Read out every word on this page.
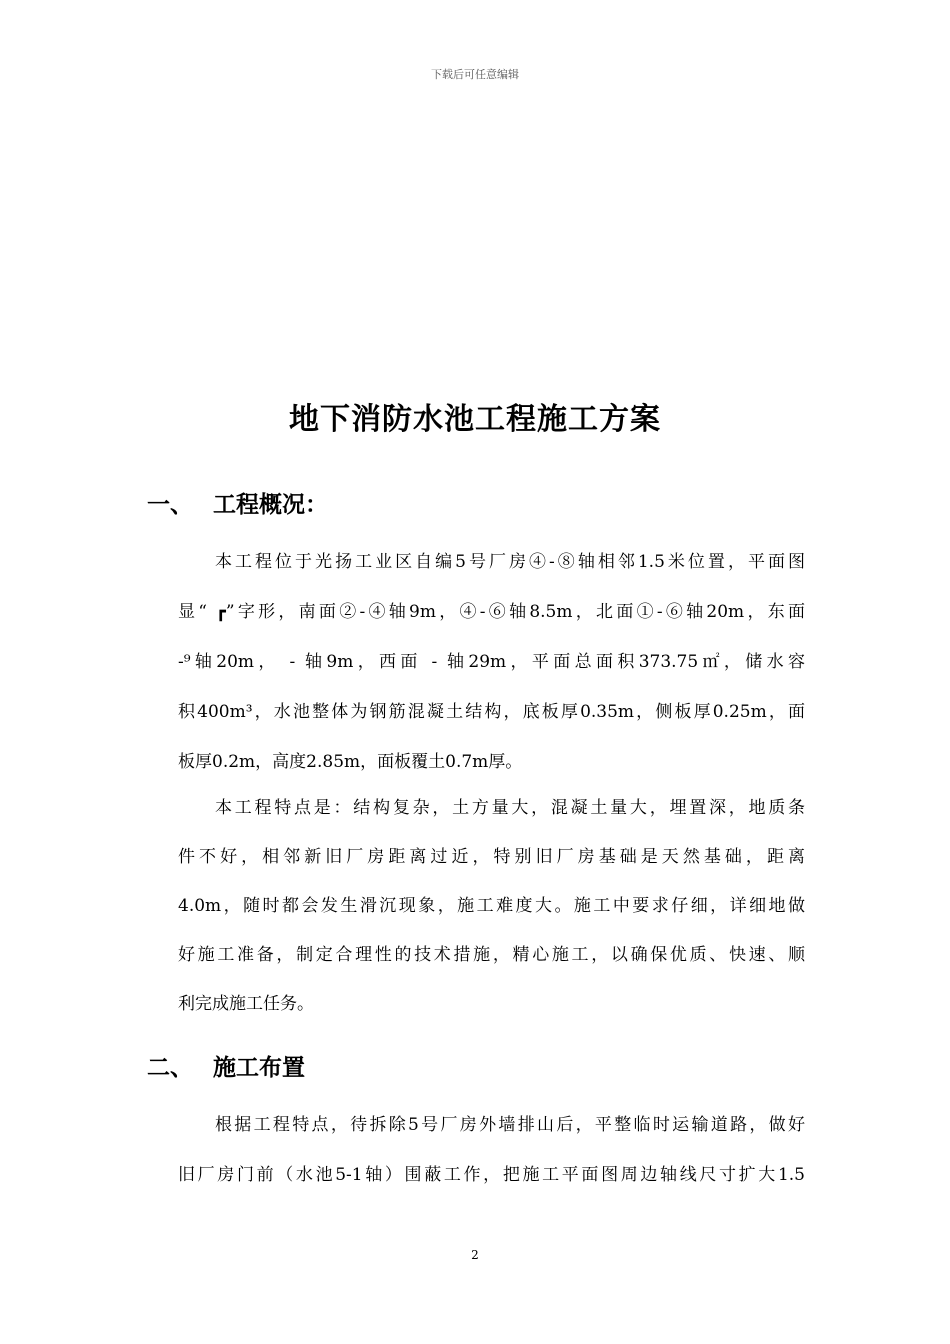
下载后可任意编辑
地下消防水池工程施工方案
一、 工程概况：
本工程位于光扬工业区自编5号厂房④-⑧轴相邻1.5米位置，平面图
显“ ┏”字形，南面②-④轴9m，④-⑥轴8.5m，北面①-⑥轴20m，东面
-⁹轴20m， - 轴9m，西面 - 轴29m，平面总面积373.75㎡，储水容
积400m³，水池整体为钢筋混凝土结构，底板厚0.35m，侧板厚0.25m，面
板厚0.2m，高度2.85m，面板覆土0.7m厚。
本工程特点是：结构复杂，土方量大，混凝土量大，埋置深，地质条
件不好，相邻新旧厂房距离过近，特别旧厂房基础是天然基础，距离
4.0m，随时都会发生滑沉现象，施工难度大。施工中要求仔细，详细地做
好施工准备，制定合理性的技术措施，精心施工，以确保优质、快速、顺
利完成施工任务。
二、 施工布置
根据工程特点，待拆除5号厂房外墙排山后，平整临时运输道路，做好
旧厂房门前（水池5-1轴）围蔽工作，把施工平面图周边轴线尺寸扩大1.5
2
